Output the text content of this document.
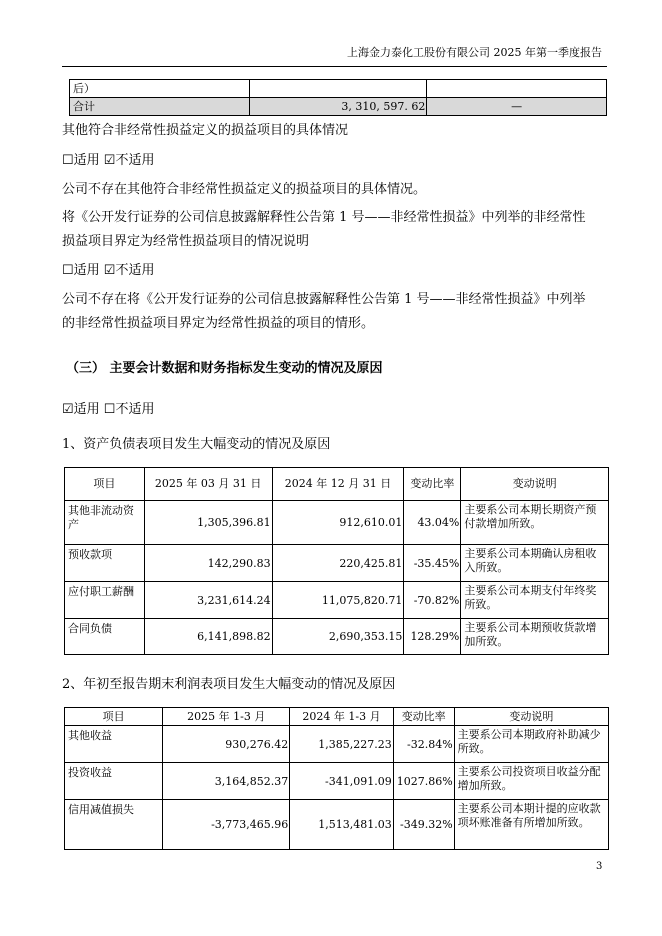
上海金力泰化工股份有限公司 2025 年第一季度报告
后）		
合计	3, 310, 597. 62	—
其他符合非经常性损益定义的损益项目的具体情况
☐适用 ☑不适用
公司不存在其他符合非经常性损益定义的损益项目的具体情况。
将《公开发行证券的公司信息披露解释性公告第 1 号——非经常性损益》中列举的非经常性
损益项目界定为经常性损益项目的情况说明
☐适用 ☑不适用
公司不存在将《公开发行证券的公司信息披露解释性公告第 1 号——非经常性损益》中列举
的非经常性损益项目界定为经常性损益的项目的情形。
（三） 主要会计数据和财务指标发生变动的情况及原因
☑适用 ☐不适用
1、资产负债表项目发生大幅变动的情况及原因
项目	2025 年 03 月 31 日	2024 年 12 月 31 日	变动比率	变动说明
其他非流动资产	1,305,396.81	912,610.01	43.04%	主要系公司本期长期资产预付款增加所致。
预收款项	142,290.83	220,425.81	-35.45%	主要系公司本期确认房租收入所致。
应付职工薪酬	3,231,614.24	11,075,820.71	-70.82%	主要系公司本期支付年终奖所致。
合同负债	6,141,898.82	2,690,353.15	128.29%	主要系公司本期预收货款增加所致。
2、年初至报告期末利润表项目发生大幅变动的情况及原因
项目	2025 年 1-3 月	2024 年 1-3 月	变动比率	变动说明
其他收益	930,276.42	1,385,227.23	-32.84%	主要系公司本期政府补助减少所致。
投资收益	3,164,852.37	-341,091.09	1027.86%	主要系公司投资项目收益分配增加所致。
信用减值损失	-3,773,465.96	1,513,481.03	-349.32%	主要系公司本期计提的应收款项坏账准备有所增加所致。
3
